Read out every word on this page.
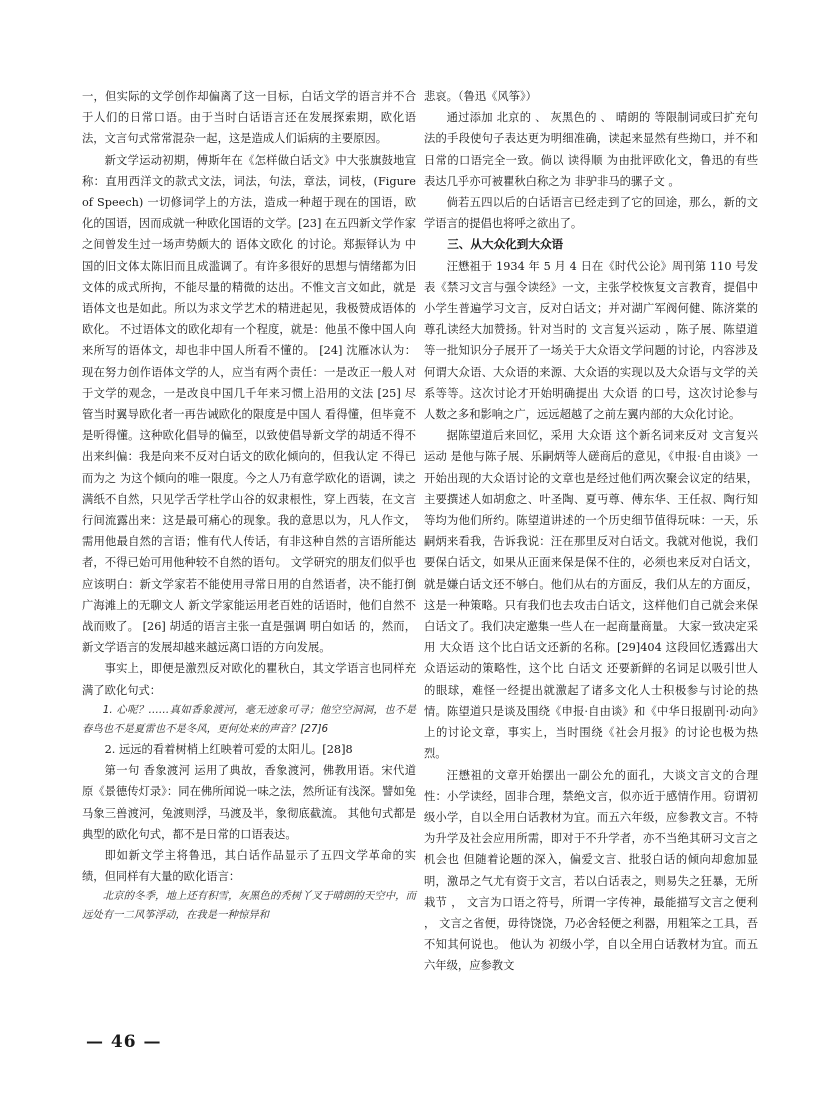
一，但实际的文学创作却偏离了这一目标，白话文学的语言并不合于人们的日常口语。由于当时白话语言还在发展探索期，欧化语法，文言句式常常混杂一起，这是造成人们诟病的主要原因。

新文学运动初期，傅斯年在《怎样做白话文》中大张旗鼓地宣称：直用西洋文的款式文法，词法，句法，章法，词枝，(Figure of Speech) 一切修词学上的方法，造成一种超于现在的国语，欧化的国语，因而成就一种欧化国语的文学。[23] 在五四新文学作家之间曾发生过一场声势颇大的 语体文欧化 的讨论。郑振铎认为 中国的旧文体太陈旧而且成滥调了。有许多很好的思想与情绪都为旧文体的成式所拘，不能尽量的精微的达出。不惟文言文如此，就是语体文也是如此。所以为求文学艺术的精进起见，我极赞成语体的欧化。 不过语体文的欧化却有一个程度，就是：他虽不像中国人向来所写的语体文，却也非中国人所看不懂的。 [24] 沈雁冰认为：现在努力创作语体文学的人，应当有两个责任：一是改正一般人对于文学的观念，一是改良中国几千年来习惯上沿用的文法 [25] 尽管当时翼导欧化者一再告诫欧化的限度是中国人 看得懂，但毕竟不是听得懂。这种欧化倡导的偏至，以致使倡导新文学的胡适不得不出来纠偏：我是向来不反对白话文的欧化倾向的，但我认定 不得已而为之 为这个倾向的唯一限度。今之人乃有意学欧化的语调，读之满纸不自然，只见学舌学杜学山谷的奴隶根性，穿上西装，在文言行间流露出来：这是最可痛心的现象。我的意思以为，凡人作文，需用他最自然的言语；惟有代人传话，有非这种自然的言语所能达者，不得已始可用他种较不自然的语句。 文学研究的朋友们似乎也应该明白：新文学家若不能使用寻常日用的自然语者，决不能打倒广海滩上的无聊文人 新文学家能运用老百姓的话语时，他们自然不战而败了。 [26] 胡适的语言主张一直是强调 明白如话 的，然而，新文学语言的发展却越来越远离口语的方向发展。

事实上，即便是激烈反对欧化的瞿秋白，其文学语言也同样充满了欧化句式：

1. 心呢？……真如香象渡河，毫无迹象可寻；他空空洞洞，也不是春鸟也不是夏雷也不是冬风，更何处来的声音？[27]6

2. 远远的看着树梢上红映着可爱的太阳儿。[28]8

第一句 香象渡河 运用了典故，香象渡河，佛教用语。宋代道原《景德传灯录》：同在佛所闻说一味之法，然所证有浅深。譬如兔马象三兽渡河，兔渡则浮，马渡及半，象彻底截流。 其他句式都是典型的欧化句式，都不是日常的口语表达。

即如新文学主将鲁迅，其白话作品显示了五四文学革命的实绩，但同样有大量的欧化语言：

北京的冬季，地上还有积雪，灰黑色的秃树丫叉于晴朗的天空中，而远处有一二风筝浮动，在我是一种惊异和

悲哀。（鲁迅《风筝》）

通过添加 北京的 、 灰黑色的 、 晴朗的 等限制词或曰扩充句法的手段使句子表达更为明细准确，读起来显然有些拗口，并不和日常的口语完全一致。倘以 读得顺 为由批评欧化文，鲁迅的有些表达几乎亦可被瞿秋白称之为 非驴非马的骡子文 。

倘若五四以后的白话语言已经走到了它的回途，那么，新的文学语言的提倡也将呼之欲出了。

三、从大众化到大众语

汪懋祖于 1934 年 5 月 4 日在《时代公论》周刊第 110 号发表《禁习文言与强令读经》一文，主张学校恢复文言教育，提倡中小学生普遍学习文言，反对白话文；并对湖广军阀何健、陈济棠的尊孔读经大加赞扬。针对当时的 文言复兴运动 ，陈子展、陈望道等一批知识分子展开了一场关于大众语文学问题的讨论，内容涉及何谓大众语、大众语的来源、大众语的实现以及大众语与文学的关系等等。这次讨论才开始明确提出 大众语 的口号，这次讨论参与人数之多和影响之广，远远超越了之前左翼内部的大众化讨论。

据陈望道后来回忆，采用 大众语 这个新名词来反对 文言复兴运动 是他与陈子展、乐嗣炳等人磋商后的意见，《申报·自由谈》一开始出现的大众语讨论的文章也是经过他们两次聚会议定的结果，主要撰述人如胡愈之、叶圣陶、夏丏尊、傅东华、王任叔、陶行知等均为他们所约。陈望道讲述的一个历史细节值得玩味：一天，乐嗣炳来看我，告诉我说：汪在那里反对白话文。我就对他说，我们要保白话文，如果从正面来保是保不住的，必须也来反对白话文，就是嫌白话文还不够白。他们从右的方面反，我们从左的方面反，这是一种策略。只有我们也去攻击白话文，这样他们自己就会来保白话文了。我们决定邀集一些人在一起商量商量。 大家一致决定采用 大众语 这个比白话文还新的名称。[29]404 这段回忆透露出大众语运动的策略性，这个比 白话文 还要新鲜的名词足以吸引世人的眼球，难怪一经提出就激起了诸多文化人士积极参与讨论的热情。陈望道只是谈及围绕《申报·自由谈》和《中华日报剧刊·动向》上的讨论文章，事实上，当时围绕《社会月报》的讨论也极为热烈。

汪懋祖的文章开始摆出一副公允的面孔，大谈文言文的合理性：小学读经，固非合理，禁绝文言，似亦近于感情作用。窃谓初级小学，自以全用白话教材为宜。而五六年级，应参教文言。不特为升学及社会应用所需，即对于不升学者，亦不当绝其研习文言之机会也 但随着论题的深入，偏爱文言、批驳白话的倾向却愈加显明，激昂之气尤有资于文言，若以白话表之，则易失之狂暴，无所栽节 ， 文言为口语之符号，所谓一字传神，最能描写文言之便利 ， 文言之省便，毋待饶饶，乃必舍轻便之利器，用粗笨之工具，吾不知其何说也。 他认为 初级小学，自以全用白话教材为宜。而五六年级，应参教文

— 46 —
